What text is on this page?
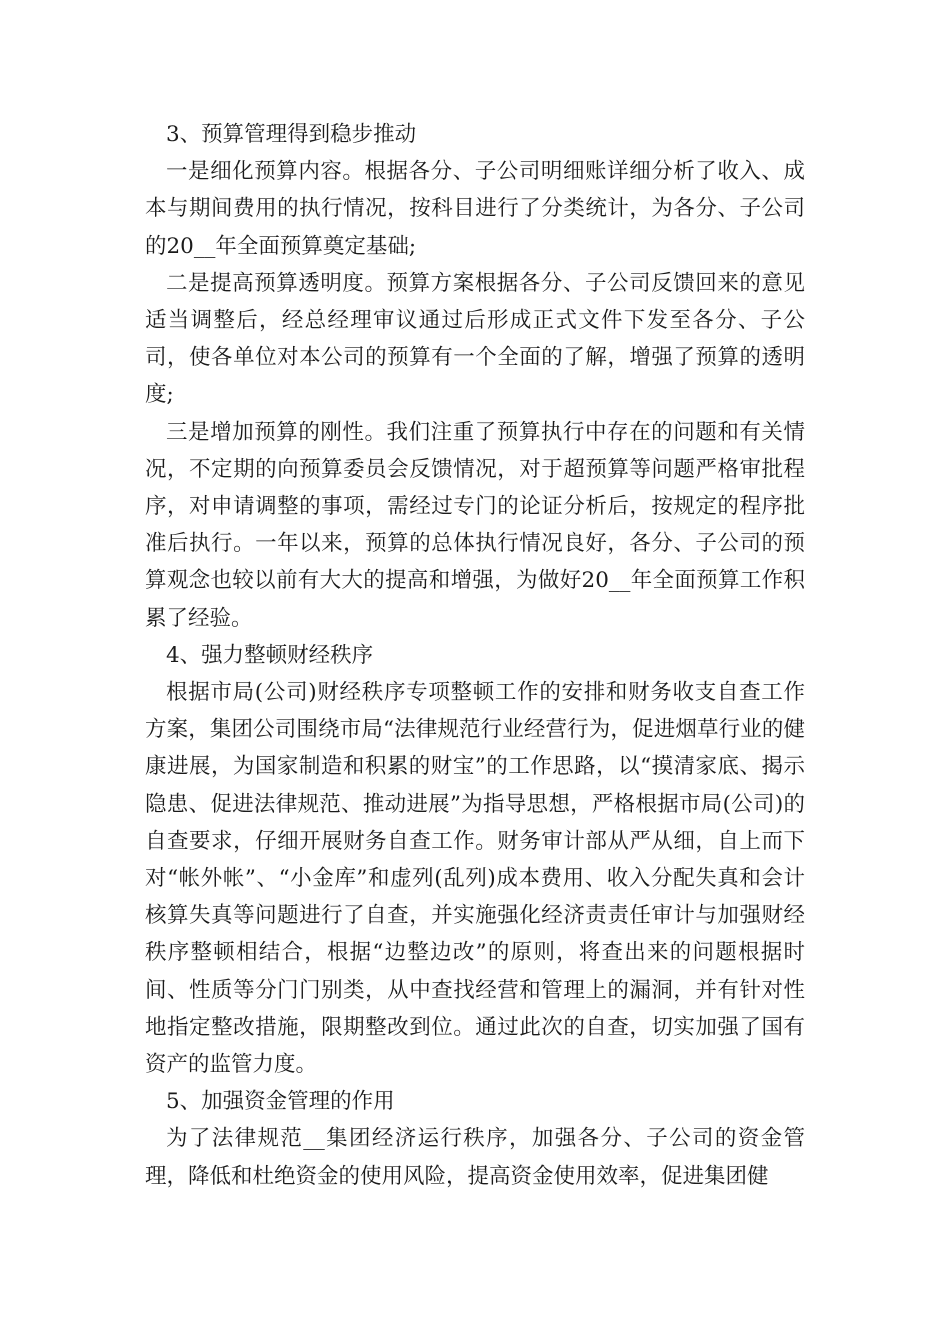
3、预算管理得到稳步推动

一是细化预算内容。根据各分、子公司明细账详细分析了收入、成本与期间费用的执行情况，按科目进行了分类统计，为各分、子公司的20__年全面预算奠定基础;

二是提高预算透明度。预算方案根据各分、子公司反馈回来的意见适当调整后，经总经理审议通过后形成正式文件下发至各分、子公司，使各单位对本公司的预算有一个全面的了解，增强了预算的透明度;

三是增加预算的刚性。我们注重了预算执行中存在的问题和有关情况，不定期的向预算委员会反馈情况，对于超预算等问题严格审批程序，对申请调整的事项，需经过专门的论证分析后，按规定的程序批准后执行。一年以来，预算的总体执行情况良好，各分、子公司的预算观念也较以前有大大的提高和增强，为做好20__年全面预算工作积累了经验。

4、强力整顿财经秩序

根据市局(公司)财经秩序专项整顿工作的安排和财务收支自查工作方案，集团公司围绕市局“法律规范行业经营行为，促进烟草行业的健康进展，为国家制造和积累的财宝”的工作思路，以“摸清家底、揭示隐患、促进法律规范、推动进展”为指导思想，严格根据市局(公司)的自查要求，仔细开展财务自查工作。财务审计部从严从细，自上而下对“帐外帐”、“小金库”和虚列(乱列)成本费用、收入分配失真和会计核算失真等问题进行了自查，并实施强化经济责责任审计与加强财经秩序整顿相结合，根据“边整边改”的原则，将查出来的问题根据时间、性质等分门门别类，从中查找经营和管理上的漏洞，并有针对性地指定整改措施，限期整改到位。通过此次的自查，切实加强了国有资产的监管力度。

5、加强资金管理的作用

为了法律规范__集团经济运行秩序，加强各分、子公司的资金管理，降低和杜绝资金的使用风险，提高资金使用效率，促进集团健
